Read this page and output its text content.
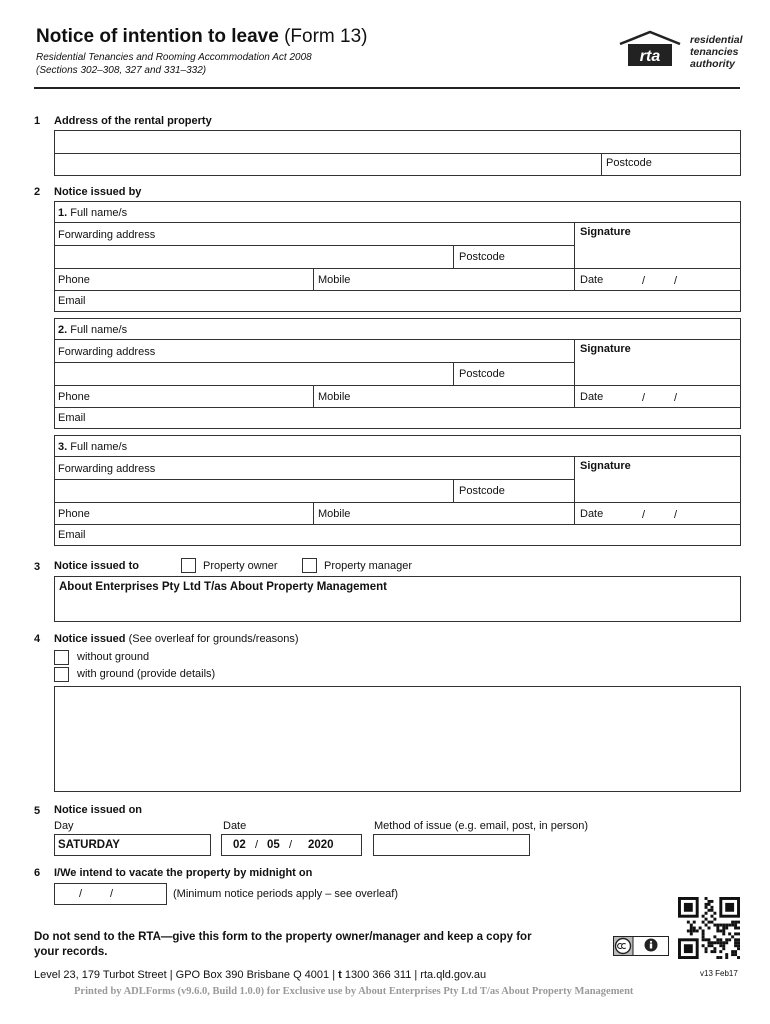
Notice of intention to leave (Form 13)
Residential Tenancies and Rooming Accommodation Act 2008
(Sections 302–308, 327 and 331–332)
rta
residential
tenancies
authority
1 Address of the rental property
Postcode
2 Notice issued by
1. Full name/s
Forwarding address	Signature
Postcode
Phone	Mobile	Date	/	/
Email
2. Full name/s
Forwarding address	Signature
Postcode
Phone	Mobile	Date	/	/
Email
3. Full name/s
Forwarding address	Signature
Postcode
Phone	Mobile	Date	/	/
Email
3 Notice issued to	Property owner	Property manager
About Enterprises Pty Ltd T/as About Property Management
4 Notice issued (See overleaf for grounds/reasons)
without ground
with ground (provide details)
5 Notice issued on
Day	Date	Method of issue (e.g. email, post, in person)
SATURDAY	02 / 05 / 2020
6 I/We intend to vacate the property by midnight on
/	/	(Minimum notice periods apply – see overleaf)
Do not send to the RTA—give this form to the property owner/manager and keep a copy for your records.
Level 23, 179 Turbot Street | GPO Box 390 Brisbane Q 4001 | t 1300 366 311 | rta.qld.gov.au	v13 Feb17
Printed by ADLForms (v9.6.0, Build 1.0.0) for Exclusive use by About Enterprises Pty Ltd T/as About Property Management
